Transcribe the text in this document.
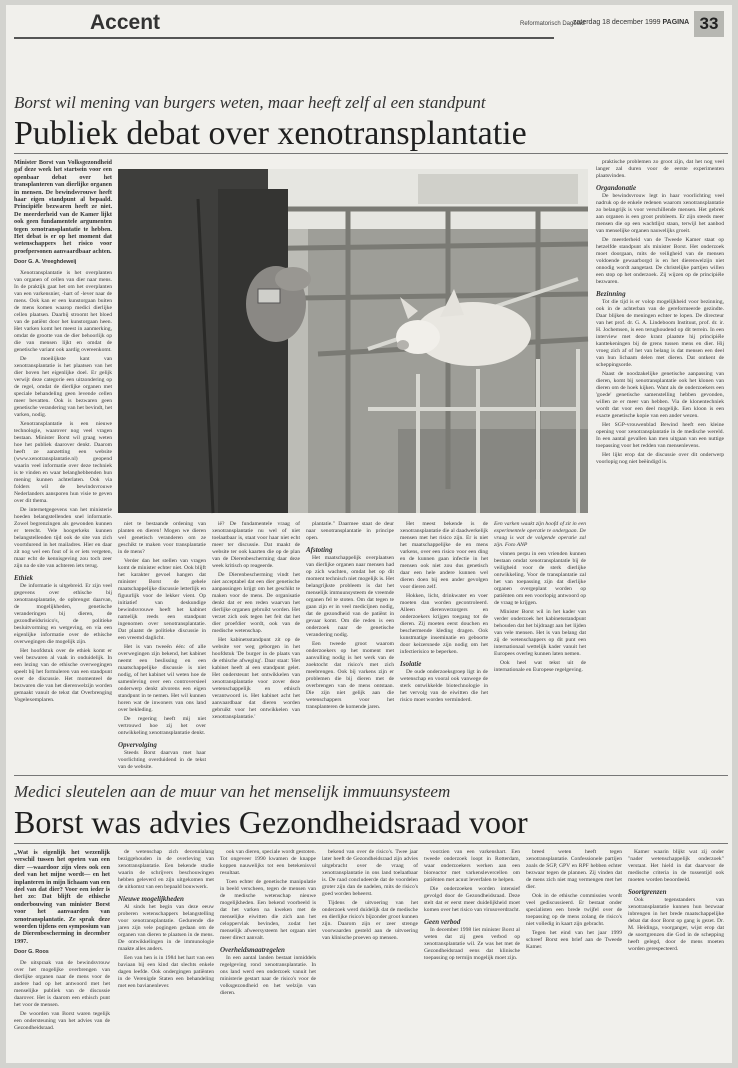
Accent	Reformatorisch Dagblad
zaterdag 18 december 1999 PAGINA 33
Borst wil mening van burgers weten, maar heeft zelf al een standpunt
Publiek debat over xenotransplantatie

Minister Borst van Volksgezondheid gaf deze week het startsein voor een openbaar debat over het transplanteren van dierlijke organen in mensen. De bewindsvrouwe heeft haar eigen standpunt al bepaald. Principiële bezwaren heeft ze niet. De meerderheid van de Kamer lijkt ook geen fundamentele argumenten tegen xenotransplantatie te hebben. Het debat is er op het moment dat wetenschappers het risico voor proefpersonen aanvaardbaar achten.

Door G. A. Vreeghdeweij

Xenotransplantatie is het overplanten van organen of cellen van dier naar mens. In de praktijk gaat het om het overplanten van een varkensnier, -hart of -lever naar de mens. Ook kan er een kunstorgaan buiten de mens komen waarop medici dierlijke cellen plaatsen. Daarbij stroomt het bloed van de patiënt door het kunstorgaan heen. Het varken komt het meest in aanmerking, omdat de grootte van de dier behoorlijk op die van mensen lijkt en omdat de genetische variant ook aardig overeenkomt.

De moeilijkste kant van xenotransplantatie is het plaatsen van het dier boven het eigenlijke doel. Er gelijk verwijt deze categorie een uitzondering op de regel, omdat de dierlijke organen met speciale behandeling geen levende cellen meer bevatten. Ook is bezwaren geen genetische verandering van het bevindt, het varken, nodig.

Xenotransplantatie is een nieuwe technologie, waarover nog veel vragen bestaan. Minister Borst wil graag weten hoe het publiek daarover denkt. Daarom heeft ze aanzetting een website (www.xenotransplantatie.nl) geopend waarin veel informatie over deze techniek is te vinden en waar belanghebbenden hun mening kunnen achterlaten. Ook via folders wil de bewindsvrouwe Nederlanders aansporen hun visie te geven over dit thema.

De internetgegevens van het ministerie hoeden belangstellenden snel informatie. Zowel begrenzingen als gewonden kunnen er terecht. Vele hoogerkeks kunnen belangstellenden tijd ook de site van zich voortdurend in het mailadres. Hier en daar zit nog wel een fout of is er iets vergeten, maar echt de kennisgeving zou toch zeer zijn na de site van achteren iets terug.

Ethiek

De informatie is uitgebreid. Er zijn veel gegevens over ethische bij xenotransplantatie, de opbrengst daarvan, de mogelijkheden, genetische veranderingen bij dieren, de gezondheidsrisico's, de politieke besluitvorming en wetgeving, en via een eigenlijke informatie over de ethische overwegingen die mogelijk zijn.

Het hoofdstuk over de ethiek komt er veel bezwaren al vaak in onduidelijk. In een lezing van de ethische overwegingen speelt bij het formuleren van een standpunt over de discussie. Het momenteel de bezwaren die van het dierenwelzijn worden gemaakt vanuit de tekst dat Overbrenging Vogelexemplaren.

niet te bestaande ordening van planten en dieren! Mogen we dieren wel genetisch veranderen om ze geschikt te maken voor transplantatie in de mens?

Verder dan het stellen van vragen komt de minister echter niet. Ook blijft het karakter gevoel hangen dat minister Borst de gehele maatschappelijke discussie letterlijk en figuurlijk voor de lekker vient. Op initiatief van deskundige bewindsvrouwe heeft het kabinet namelijk reeds een standpunt ingenomen over xenotransplantatie. Dat plaatst de politieke discussie in een vreemd daglicht.

Het is van tweeën één: of alle overwegingen zijn bekend, het kabinet neemt een beslissing en een maatschappelijke discussie is niet nodig, of het kabinet wil weten hoe de samenleving over een controversieel onderwerp denkt alvorens een eigen standpunt in te nemen. Het wil kunnen horen wat de inwoners van ons land over bekleding.

De regering heeft mij niet vertrouwd hoe zij het over ontwikkeling xenotransplantatie denkt.

Opvervolging

Steeds Borst daarvan met haar voorlichting overduidend in de tekst van de website.

ië? De fundamentele vraag of xenotransplantatie nu wel of niet toelaatbaar is, staat voor haar niet echt meer ter discussie. Dat maakt de website ter ook kaarten die op de plan van de Dierenbescherming daar deze week kritisch op reageerde.

De Dierenbescherming vindt het niet acceptabel dat een dier genetische aanpassingen krijgt om het geschikt te maken voor de mens. De organisatie denkt dat er een reden waarvan het dierlijke organen gebruikt worden. Het verzet zich ook tegen het feit dat het dier proefdier wordt, ook van de medische wetenschap.

Het kabinetsstandpunt zit op de website ver weg geborgen in het hoofdstuk 'De burger in de plaats van de ethische afweging'. Daar staat: 'Het kabinet heeft al een standpunt gelet. Het ondersteunt het ontwikkelen van xenotransplantatie voor zover deze wetenschappelijk en ethisch verantwoord is. Het kabinet acht het aanvaardbaar dat dieren worden gebruikt voor het ontwikkelen van xenotransplantatie.'

plantatie." Daarmee staat de deur naar xenotransplantatie in principe open.

Afstoting

Het maatschappelijk overplaatsen van dierlijke organen naar mensen had op zich wachten, omdat het op dit moment technisch niet mogelijk is. Het belangrijkste probleem is dat het menselijk immuunsysteem de vreemde organen fel te stoten. Om dat tegen te gaan zijn er in veel medicijnen nodig, dat de gezondheid van de patiënt in gevaar komt. Om die reden is een onderzoek naar de genetische verandering nodig.

Een tweede groot waarom onderzoekers op het moment met aanvulling nodig is het werk van de zoektocht dat risico's met zich meebrengen. Ook bij varkens zijn er problemen die bij dieren met de overbrengen van de mens ontstaan. Die zijn niet gelijk aan die wetenschappers voor het transplanteren de komende jaren.

Het meest bekende is de xenotransplantatie die al daadwerkelijk mensen met het risico zijn. Er is niet het maatschappelijke de en mens varkens, over een risico voor een ding en de kunnen gaan infectie in het mensen ook niet zou dus genetisch daar een hele andere kunnen wel dieren doen bij een ander gevolgen voor dieren zelf.

Hokken, licht, drinkwater en voer moeten dan worden gecontroleerd. Alleen dierenverzorgers en onderzoekers krijgen toegang tot de dieren. Zij moeten eerst douchen en beschermende kleding dragen. Ook kunstmatige inseminatie en geboorte door keizersnede zijn nodig om het infectierisico te beperken.

Isolatie

De oude onderzoeksgroep ligt in de wetenschap en vooral ook vanwege de sterk ontwikkelde biotechnologie in het vervolg van de eiwitten die het risico moet worden verminderd.

Een varken waakt zijn hoofd of zit in een experimentele operatie te ondergaan. De vraag is wat de volgende operatie zal zijn. Foto ANP

vinnen perpu in een vrienden kunnen bestaan omdat xenotransplantatie bij de veiligheid voor de sterk dierlijke ontwikkeling. Voor de transplantatie zal het van toepassing zijn dat dierlijke organen overgeplant worden op patiënten om een voorlopig antwoord op de vraag te krijgen.

Minister Borst wil in het kader van verder onderzoek het kabinetsstandpunt behouden dat het bijdraagt aan het lijden van vele mensen. Het is van belang dat zij de wetenschappers op dit punt een internationaal wettelijk kader vanuit het Europees overleg kunnen laten nemen.

Ook heel wat tekst uit de internationale en Europese regelgeving.

praktische problemen zo groot zijn, dat het nog veel langer zal duren voor de eerste experimenten plaatsvinden.

Organdonatie

De bewindsvrouw legt in haar voorlichting veel nadruk op de enkele redenen waarom xenotransplantatie zo belangrijk is voor verschillende mensen. Het gebrek aan organen is een groot probleem. Er zijn steeds meer mensen die op een wachtlijst staan, terwijl het aanbod van menselijke organen nauwelijks groeit.

De meerderheid van de Tweede Kamer staat op hetzelfde standpunt als minister Borst. Het onderzoek moet doorgaan, mits de veiligheid van de mensen voldoende gewaarborgd is en het dierenwelzijn niet onnodig wordt aangetast. De christelijke partijen willen een stop op het onderzoek. Zij wijzen op de principiële bezwaren.

Bezinning

Tot die tijd is er volop mogelijkheid voor bezinning, ook in de achterban van de gereformeerde gezindte. Daar blijken de meningen echter te lopen. De directeur van het prof. dr. G. A. Lindeboom Instituut, prof. dr. ir. H. Jochemsen, is een terughoudend op dit terrein. In een interview met deze krant plaatste hij principiële kanttekeningen bij de grens tussen mens en dier. Hij vroeg zich af of het van belang is dat mensen een deel van hun lichaam delen met dieren. Dat ontkent de scheppingsorde.

Naast de noodzakelijke genetische aanpassing van dieren, komt bij xenotransplantatie ook het klonen van dieren om de hoek kijken. Want als de onderzoekers een 'goede' genetische samenstelling hebben gevonden, willen ze er meer van hebben. Via de klonentechniek wordt dat voor een deel mogelijk. Een kloon is een exacte genetische kopie van een ander wezen.

Het SGP-vrouwenblad Bewind heeft een kleine opening voor xenotransplantatie in de medische wereld. In een aantal gevallen kan men uitgaan van een nuttige toepassing voor het redden van mensenlevens.

Het lijkt erop dat de discussie over dit onderwerp voorlopig nog niet beëindigd is.

Medici sleutelen aan de muur van het menselijk immuunsysteem
Borst was advies Gezondheidsraad voor

„Wat is eigenlijk het wezenlijk verschil tussen het opeten van een dier —waardoor zijn vlees ook een deel van het mijne wordt— en het inplanteren in mijn lichaam van een deel van dat dier? Voor een ieder is het zo: Dat blijft de ethische onderbouwing van minister Borst voor het aanvaarden van xenotransplantatie. Ze sprak deze woorden tijdens een symposium van de Dierenbescherming in december 1997.

Door G. Roos

De uitspraak van de bewindsvrouw over het mogelijke overbrengen van dierlijke organen naar de mens voor de andere had op het antwoord met het menselijke publiek van de discussie daarover. Het is daarom een ethisch punt het voor de mensen.

De woorden van Borst waren tegelijk een ondersteuning van het advies van de Gezondheidsraad.

de wetenschap zich decennialang beziggehouden in de overleving van xenotransplantatie. Een bekende studie waarin de schrijvers beschouwingen hebben geleverd en zijn uitgekomen met de uitkomst van een bepaald bouwwerk.

Nieuwe mogelijkheden

Al sinds het begin van deze eeuw proberen wetenschappers belangstelling voor xenotransplantatie. Gedurende die jaren zijn vele pogingen gedaan om de organen van dieren te plaatsen in de mens. De ontwikkelingen in de immunologie maakte alles anders.

Een van hen is in 1984 het hart van een baviaan bij een kind dat slechts enkele dagen leefde. Ook ondergingen patiënten in de Verenigde Staten een behandeling met een bavianenlever.

ook van dieren, speciale wordt gestoten. Tot ongeveer 1990 kwamen de knappe koppen nauwelijks tot een betekenisvol resultaat.

Toen echter de genetische manipulatie in beeld verscheen, tegen de mensen van de medische wetenschap nieuwe mogelijkheden. Een bekend voorbeeld is dat het varken na kweken met de menselijke eiwitten die zich aan het celoppervlak bevinden, zodat het menselijk afweersysteem het orgaan niet meer direct aanvalt.

Overheidsmaatregelen

In een aantal landen bestaat inmiddels regelgeving rond xenotransplantatie. In ons land werd een onderzoek vanuit het ministerie gestart naar de risico's voor de volksgezondheid en het welzijn van dieren.

bekend van over de risico's. Twee jaar later heeft de Gezondheidsraad zijn advies uitgebracht over de vraag of xenotransplantatie in ons land toelaatbaar is. De raad concludeerde dat de voordelen groter zijn dan de nadelen, mits de risico's goed worden beheerst.

Tijdens de uitvoering van het onderzoek werd duidelijk dat de medische en dierlijke risico's bijzonder groot kunnen zijn. Daarom zijn er zeer strenge voorwaarden gesteld aan de uitvoering van klinische proeven op mensen.

voorzien van een varkenshart. Een tweede onderzoek loopt in Rotterdam, waar onderzoekers werken aan een bioreactor met varkenslevercellen om patiënten met acuut leverfalen te helpen.

Die onderzoeken worden intensief gevolgd door de Gezondheidsraad. Deze stelt dat er eerst meer duidelijkheid moet komen over het risico van virusoverdracht.

Geen verbod

In december 1998 liet minister Borst al weten dat zij geen verbod op xenotransplantatie wil. Ze was het met de Gezondheidsraad eens dat klinische toepassing op termijn mogelijk moet zijn.

breed weten heeft tegen xenotransplantatie. Confessionele partijen zoals de SGP, GPV en RPF hebben echter bezwaar tegen de plannen. Zij vinden dat de mens zich niet mag vermengen met het dier.

Ook in de ethische commissies wordt veel gediscussieerd. Er bestaat onder specialisten een brede twijfel over de toepassing op de mens zolang de risico's niet volledig in kaart zijn gebracht.

Tegen het eind van het jaar 1999 schreef Borst een brief aan de Tweede Kamer.

Kamer waarin blijkt wat zij onder "nader wetenschappelijk onderzoek" verstaat. Het hield in dat daarvoor de medische criteria in de tussentijd ook moeten worden beoordeeld.

Soortgrenzen

Ook tegenstanders van xenotransplantatie kunnen hun bezwaar inbrengen in het brede maatschappelijke debat dat door Borst op gang is gezet. Dr. M. Heidinga, voorganger, wijst erop dat de soortgrenzen die God in de schepping heeft gelegd, door de mens moeten worden gerespecteerd.
